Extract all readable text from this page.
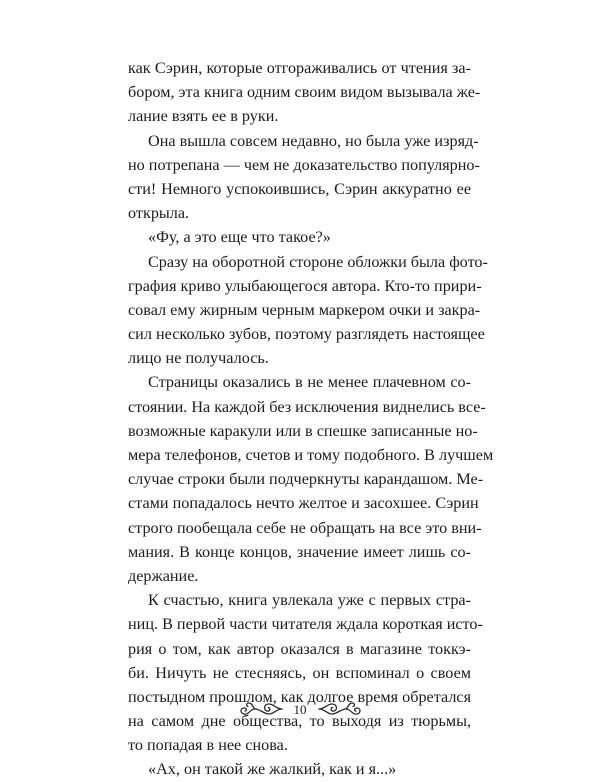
как Сэрин, которые отгораживались от чтения за-
бором, эта книга одним своим видом вызывала же-
лание взять ее в руки.
Она вышла совсем недавно, но была уже изряд-
но потрепана — чем не доказательство популярно-
сти! Немного успокоившись, Сэрин аккуратно ее
открыла.
«Фу, а это еще что такое?»
Сразу на оборотной стороне обложки была фото-
графия криво улыбающегося автора. Кто-то прири-
совал ему жирным черным маркером очки и закра-
сил несколько зубов, поэтому разглядеть настоящее
лицо не получалось.
Страницы оказались в не менее плачевном со-
стоянии. На каждой без исключения виднелись все-
возможные каракули или в спешке записанные но-
мера телефонов, счетов и тому подобного. В лучшем
случае строки были подчеркнуты карандашом. Ме-
стами попадалось нечто желтое и засохшее. Сэрин
строго пообещала себе не обращать на все это вни-
мания. В конце концов, значение имеет лишь со-
держание.
К счастью, книга увлекала уже с первых стра-
ниц. В первой части читателя ждала короткая исто-
рия о том, как автор оказался в магазине токкэ-
би. Ничуть не стесняясь, он вспоминал о своем
постыдном прошлом, как долгое время обретался
на самом дне общества, то выходя из тюрьмы,
то попадая в нее снова.
«Ах, он такой же жалкий, как и я...»
10
